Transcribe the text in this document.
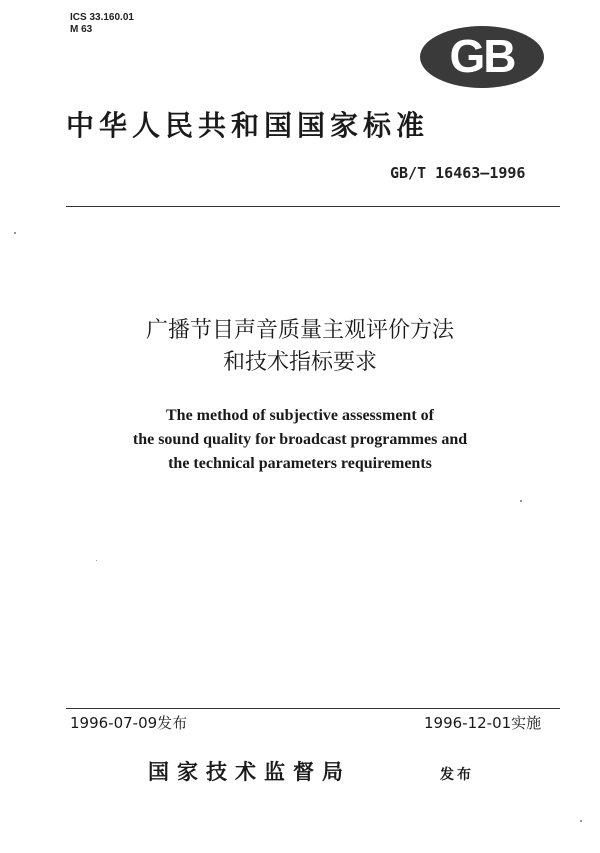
ICS 33.160.01
M 63
GB
中华人民共和国国家标准
GB/T 16463—1996
广播节目声音质量主观评价方法
和技术指标要求
The method of subjective assessment of
the sound quality for broadcast programmes and
the technical parameters requirements
1996-07-09发布	1996-12-01实施
国家技术监督局	发布
